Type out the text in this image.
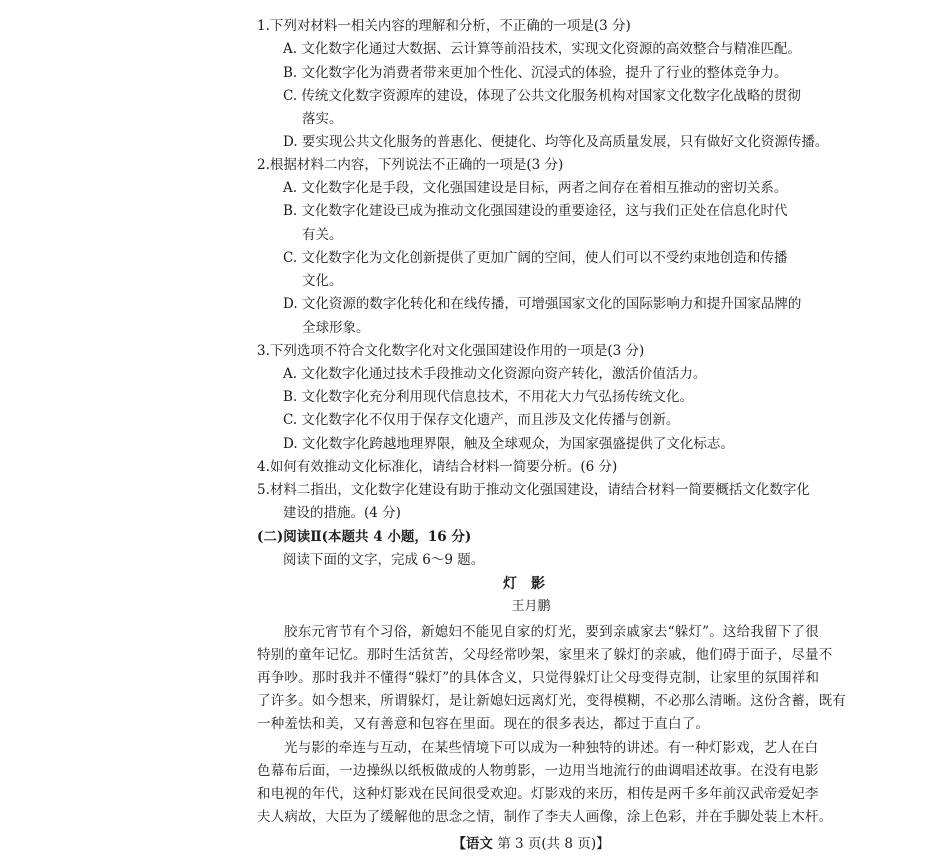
1.下列对材料一相关内容的理解和分析，不正确的一项是(3 分)
A. 文化数字化通过大数据、云计算等前沿技术，实现文化资源的高效整合与精准匹配。
B. 文化数字化为消费者带来更加个性化、沉浸式的体验，提升了行业的整体竞争力。
C. 传统文化数字资源库的建设，体现了公共文化服务机构对国家文化数字化战略的贯彻
落实。
D. 要实现公共文化服务的普惠化、便捷化、均等化及高质量发展，只有做好文化资源传播。
2.根据材料二内容，下列说法不正确的一项是(3 分)
A. 文化数字化是手段，文化强国建设是目标，两者之间存在着相互推动的密切关系。
B. 文化数字化建设已成为推动文化强国建设的重要途径，这与我们正处在信息化时代
有关。
C. 文化数字化为文化创新提供了更加广阔的空间，使人们可以不受约束地创造和传播
文化。
D. 文化资源的数字化转化和在线传播，可增强国家文化的国际影响力和提升国家品牌的
全球形象。
3.下列选项不符合文化数字化对文化强国建设作用的一项是(3 分)
A. 文化数字化通过技术手段推动文化资源向资产转化，激活价值活力。
B. 文化数字化充分利用现代信息技术，不用花大力气弘扬传统文化。
C. 文化数字化不仅用于保存文化遗产，而且涉及文化传播与创新。
D. 文化数字化跨越地理界限，触及全球观众，为国家强盛提供了文化标志。
4.如何有效推动文化标准化，请结合材料一简要分析。(6 分)
5.材料二指出，文化数字化建设有助于推动文化强国建设，请结合材料一简要概括文化数字化
建设的措施。(4 分)
(二)阅读Ⅱ(本题共 4 小题，16 分)
阅读下面的文字，完成 6～9 题。
灯影
王月鹏
胶东元宵节有个习俗，新媳妇不能见自家的灯光，要到亲戚家去“躲灯”。这给我留下了很
特别的童年记忆。那时生活贫苦，父母经常吵架，家里来了躲灯的亲戚，他们碍于面子，尽量不
再争吵。那时我并不懂得“躲灯”的具体含义，只觉得躲灯让父母变得克制，让家里的氛围祥和
了许多。如今想来，所谓躲灯，是让新媳妇远离灯光，变得模糊，不必那么清晰。这份含蓄，既有
一种羞怯和美，又有善意和包容在里面。现在的很多表达，都过于直白了。
光与影的牵连与互动，在某些情境下可以成为一种独特的讲述。有一种灯影戏，艺人在白
色幕布后面，一边操纵以纸板做成的人物剪影，一边用当地流行的曲调唱述故事。在没有电影
和电视的年代，这种灯影戏在民间很受欢迎。灯影戏的来历，相传是两千多年前汉武帝爱妃李
夫人病故，大臣为了缓解他的思念之情，制作了李夫人画像，涂上色彩，并在手脚处装上木杆。
【语文 第 3 页(共 8 页)】
